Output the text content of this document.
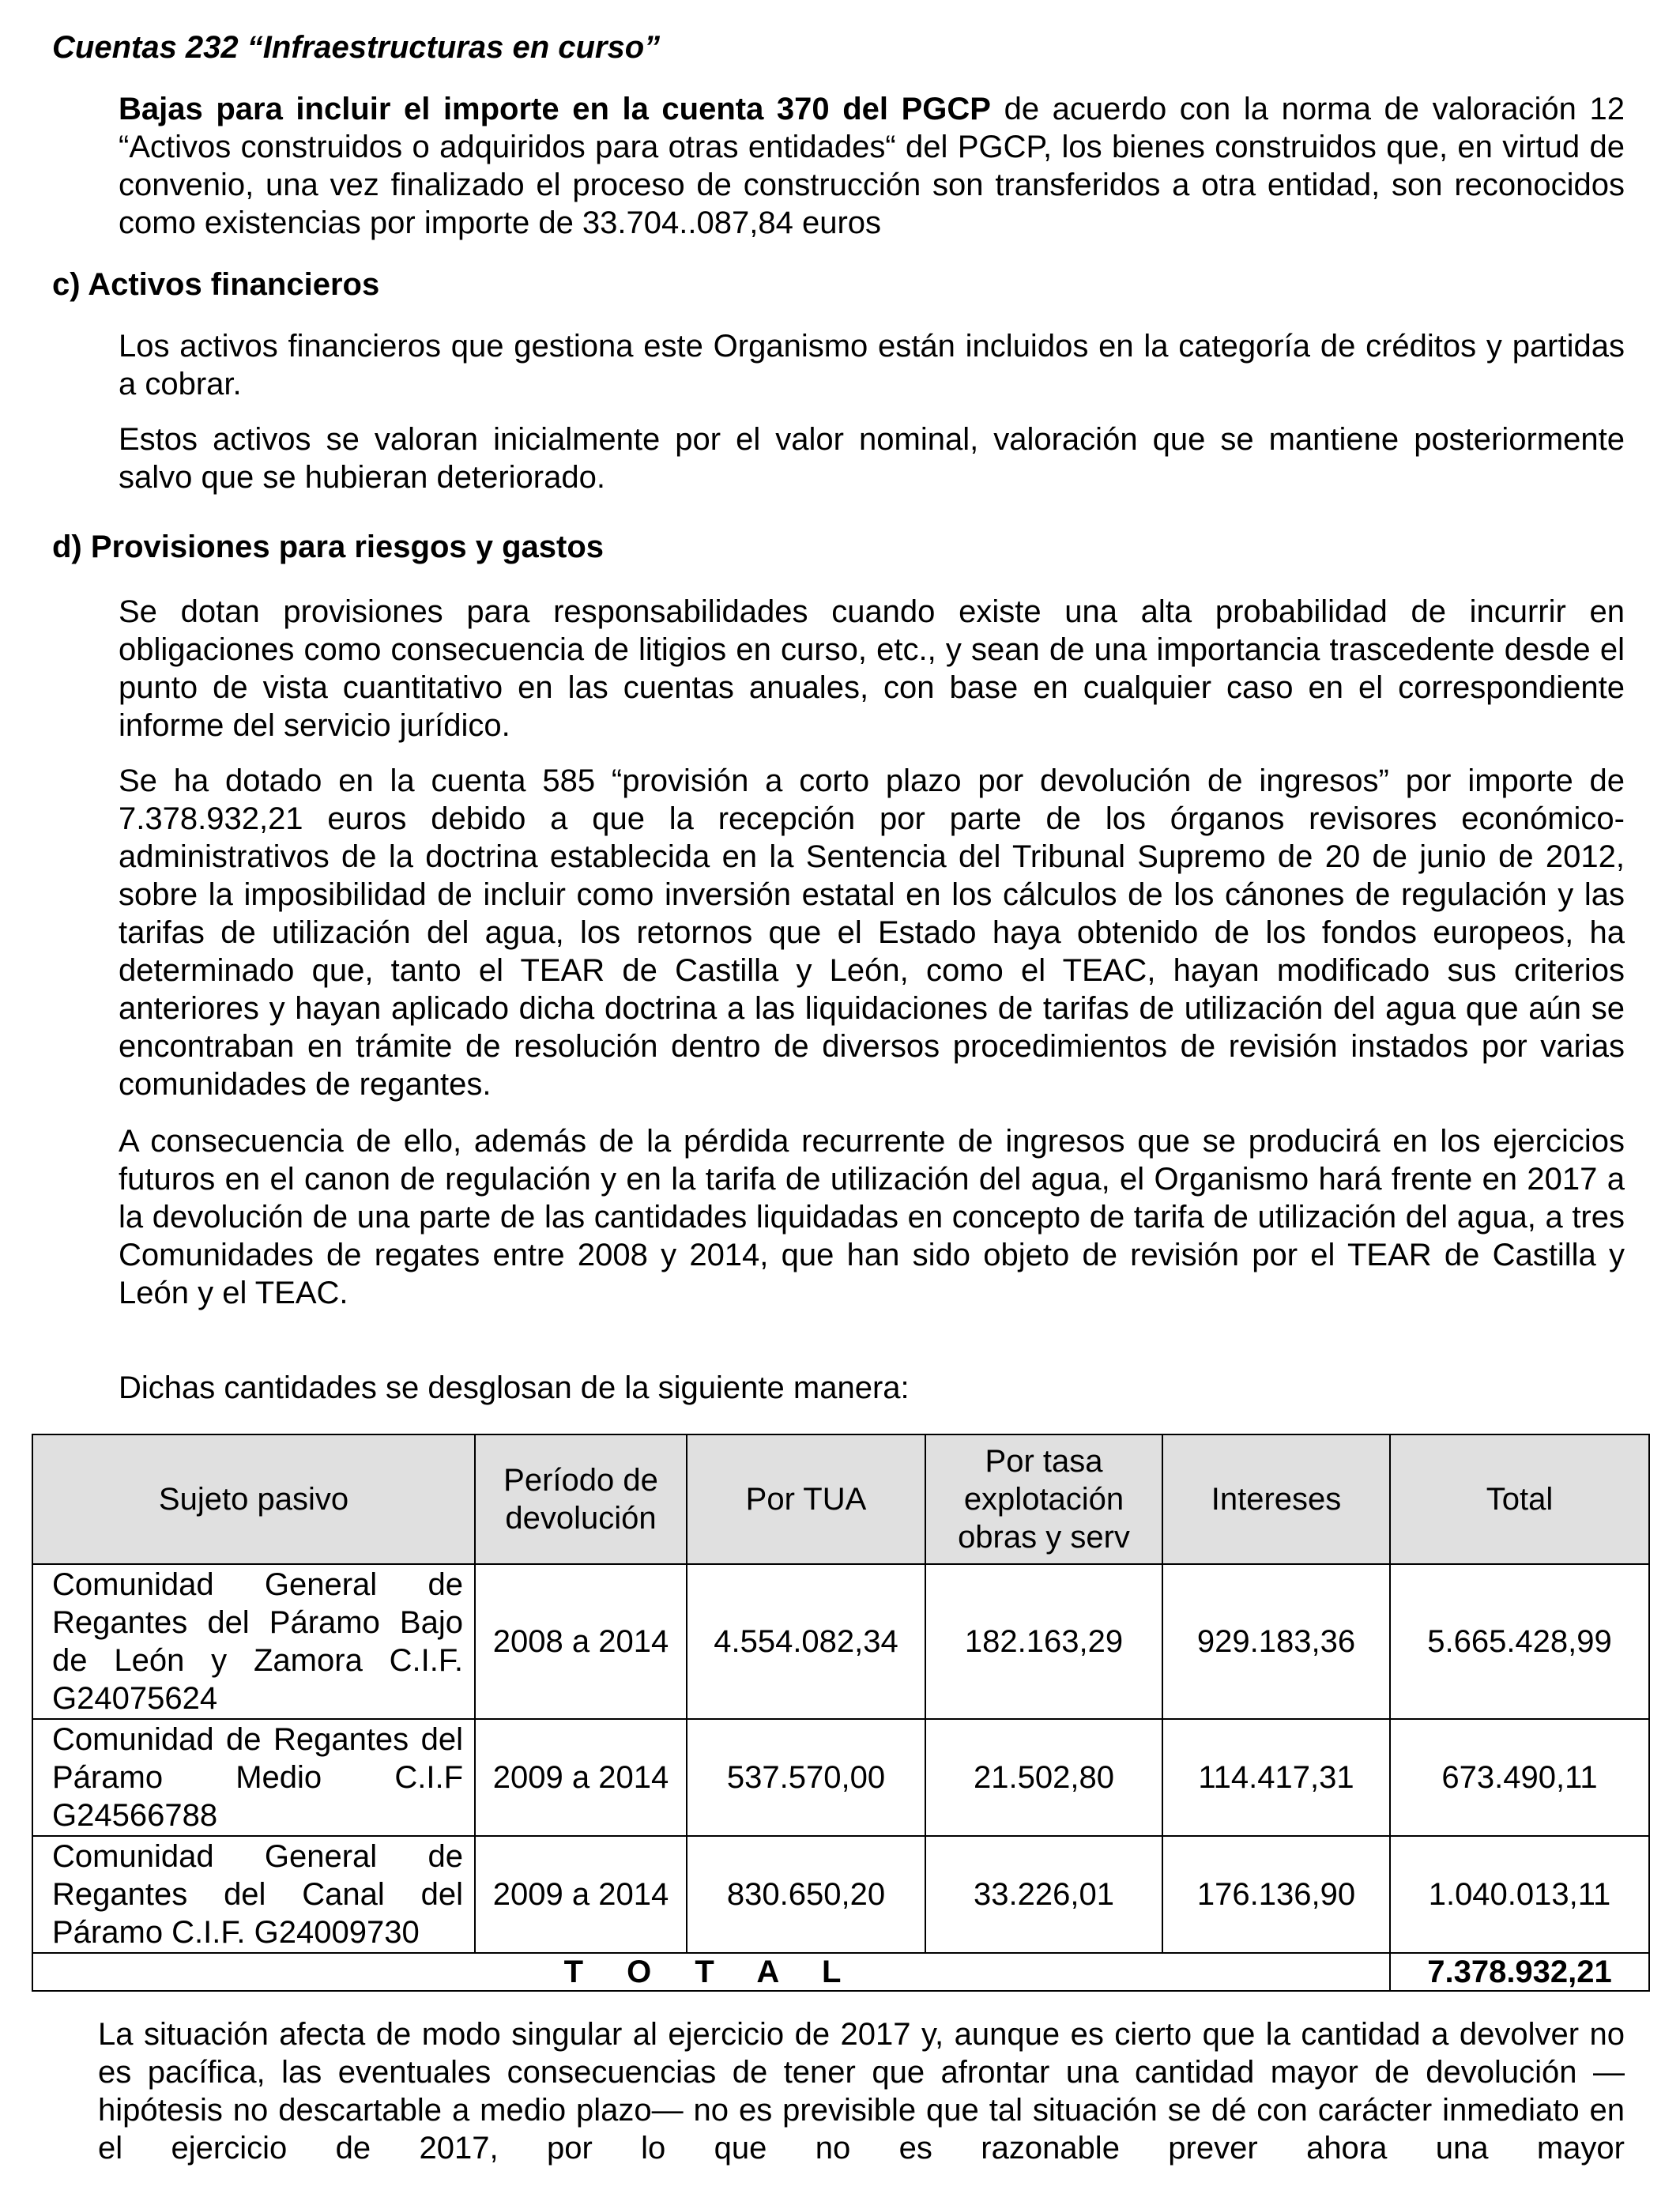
Cuentas 232 “Infraestructuras en curso”
Bajas para incluir el importe en la cuenta 370 del PGCP de acuerdo con la norma de valoración 12 “Activos construidos o adquiridos para otras entidades“ del PGCP, los bienes construidos que, en virtud de convenio, una vez finalizado el proceso de construcción son transferidos a otra entidad, son reconocidos como existencias por importe de 33.704..087,84 euros
c) Activos financieros
Los activos financieros que gestiona este Organismo están incluidos en la categoría de créditos y partidas a cobrar.
Estos activos se valoran inicialmente por el valor nominal, valoración que se mantiene posteriormente salvo que se hubieran deteriorado.
d) Provisiones para riesgos y gastos
Se dotan provisiones para responsabilidades cuando existe una alta probabilidad de incurrir en obligaciones como consecuencia de litigios en curso, etc., y sean de una importancia trascedente desde el punto de vista cuantitativo en las cuentas anuales, con base en cualquier caso en el correspondiente informe del servicio jurídico.
Se ha dotado en la cuenta 585 “provisión a corto plazo por devolución de ingresos” por importe de 7.378.932,21 euros debido a que la recepción por parte de los órganos revisores económico-administrativos de la doctrina establecida en la Sentencia del Tribunal Supremo de 20 de junio de 2012, sobre la imposibilidad de incluir como inversión estatal en los cálculos de los cánones de regulación y las tarifas de utilización del agua, los retornos que el Estado haya obtenido de los fondos europeos, ha determinado que, tanto el TEAR de Castilla y León, como el TEAC, hayan modificado sus criterios anteriores y hayan aplicado dicha doctrina a las liquidaciones de tarifas de utilización del agua que aún se encontraban en trámite de resolución dentro de diversos procedimientos de revisión instados por varias comunidades de regantes.
A consecuencia de ello, además de la pérdida recurrente de ingresos que se producirá en los ejercicios futuros en el canon de regulación y en la tarifa de utilización del agua, el Organismo hará frente en 2017 a la devolución de una parte de las cantidades liquidadas en concepto de tarifa de utilización del agua, a tres Comunidades de regates entre 2008 y 2014, que han sido objeto de revisión por el TEAR de Castilla y León y el TEAC.
Dichas cantidades se desglosan de la siguiente manera:
Sujeto pasivo	Período de devolución	Por TUA	Por tasa explotación obras y serv	Intereses	Total
Comunidad General de Regantes del Páramo Bajo de León y Zamora C.I.F. G24075624	2008 a 2014	4.554.082,34	182.163,29	929.183,36	5.665.428,99
Comunidad de Regantes del Páramo Medio C.I.F G24566788	2009 a 2014	537.570,00	21.502,80	114.417,31	673.490,11
Comunidad General de Regantes del Canal del Páramo C.I.F. G24009730	2009 a 2014	830.650,20	33.226,01	176.136,90	1.040.013,11
T O T A L					7.378.932,21
La situación afecta de modo singular al ejercicio de 2017 y, aunque es cierto que la cantidad a devolver no es pacífica, las eventuales consecuencias de tener que afrontar una cantidad mayor de devolución —hipótesis no descartable a medio plazo— no es previsible que tal situación se dé con carácter inmediato en el ejercicio de 2017, por lo que no es razonable prever ahora una mayor
